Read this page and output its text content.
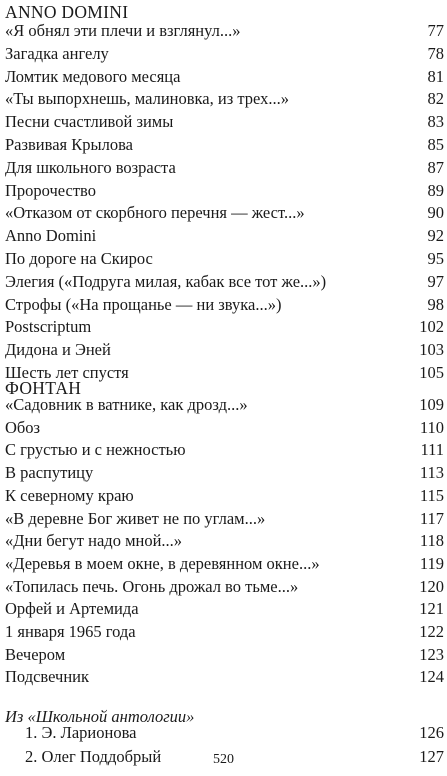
ANNO DOMINI
«Я обнял эти плечи и взглянул...»	77
Загадка ангелу	78
Ломтик медового месяца	81
«Ты выпорхнешь, малиновка, из трех...»	82
Песни счастливой зимы	83
Развивая Крылова	85
Для школьного возраста	87
Пророчество	89
«Отказом от скорбного перечня — жест...»	90
Anno Domini	92
По дороге на Скирос	95
Элегия («Подруга милая, кабак все тот же...»)	97
Строфы («На прощанье — ни звука...»)	98
Postscriptum	102
Дидона и Эней	103
Шесть лет спустя	105
ФОНТАН
«Садовник в ватнике, как дрозд...»	109
Обоз	110
С грустью и с нежностью	111
В распутицу	113
К северному краю	115
«В деревне Бог живет не по углам...»	117
«Дни бегут надо мной...»	118
«Деревья в моем окне, в деревянном окне...»	119
«Топилась печь. Огонь дрожал во тьме...»	120
Орфей и Артемида	121
1 января 1965 года	122
Вечером	123
Подсвечник	124
Из «Школьной антологии»
1. Э. Ларионова	126
2. Олег Поддобрый	127
520
